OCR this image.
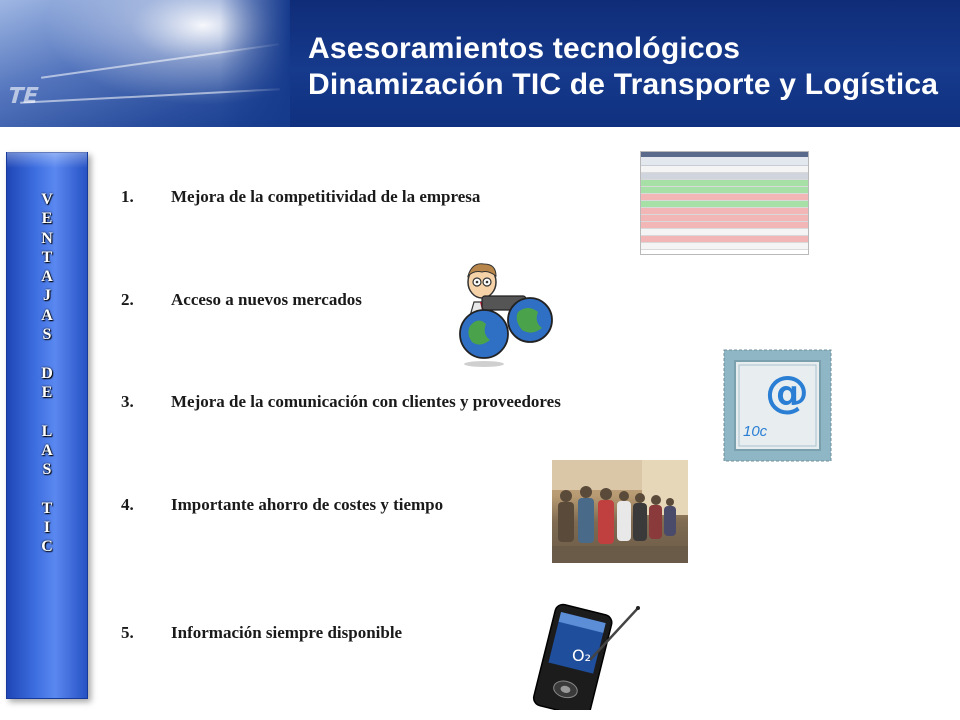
TE
Asesoramientos tecnológicos
Dinamización TIC de Transporte y Logística
V
E
N
T
A
J
A
S
D
E
L
A
S
T
I
C
1. Mejora de la competitividad de la empresa
2. Acceso a nuevos mercados
3. Mejora de la comunicación con clientes y proveedores
4. Importante ahorro de costes y tiempo
5. Información siempre disponible
@
10c
O₂
